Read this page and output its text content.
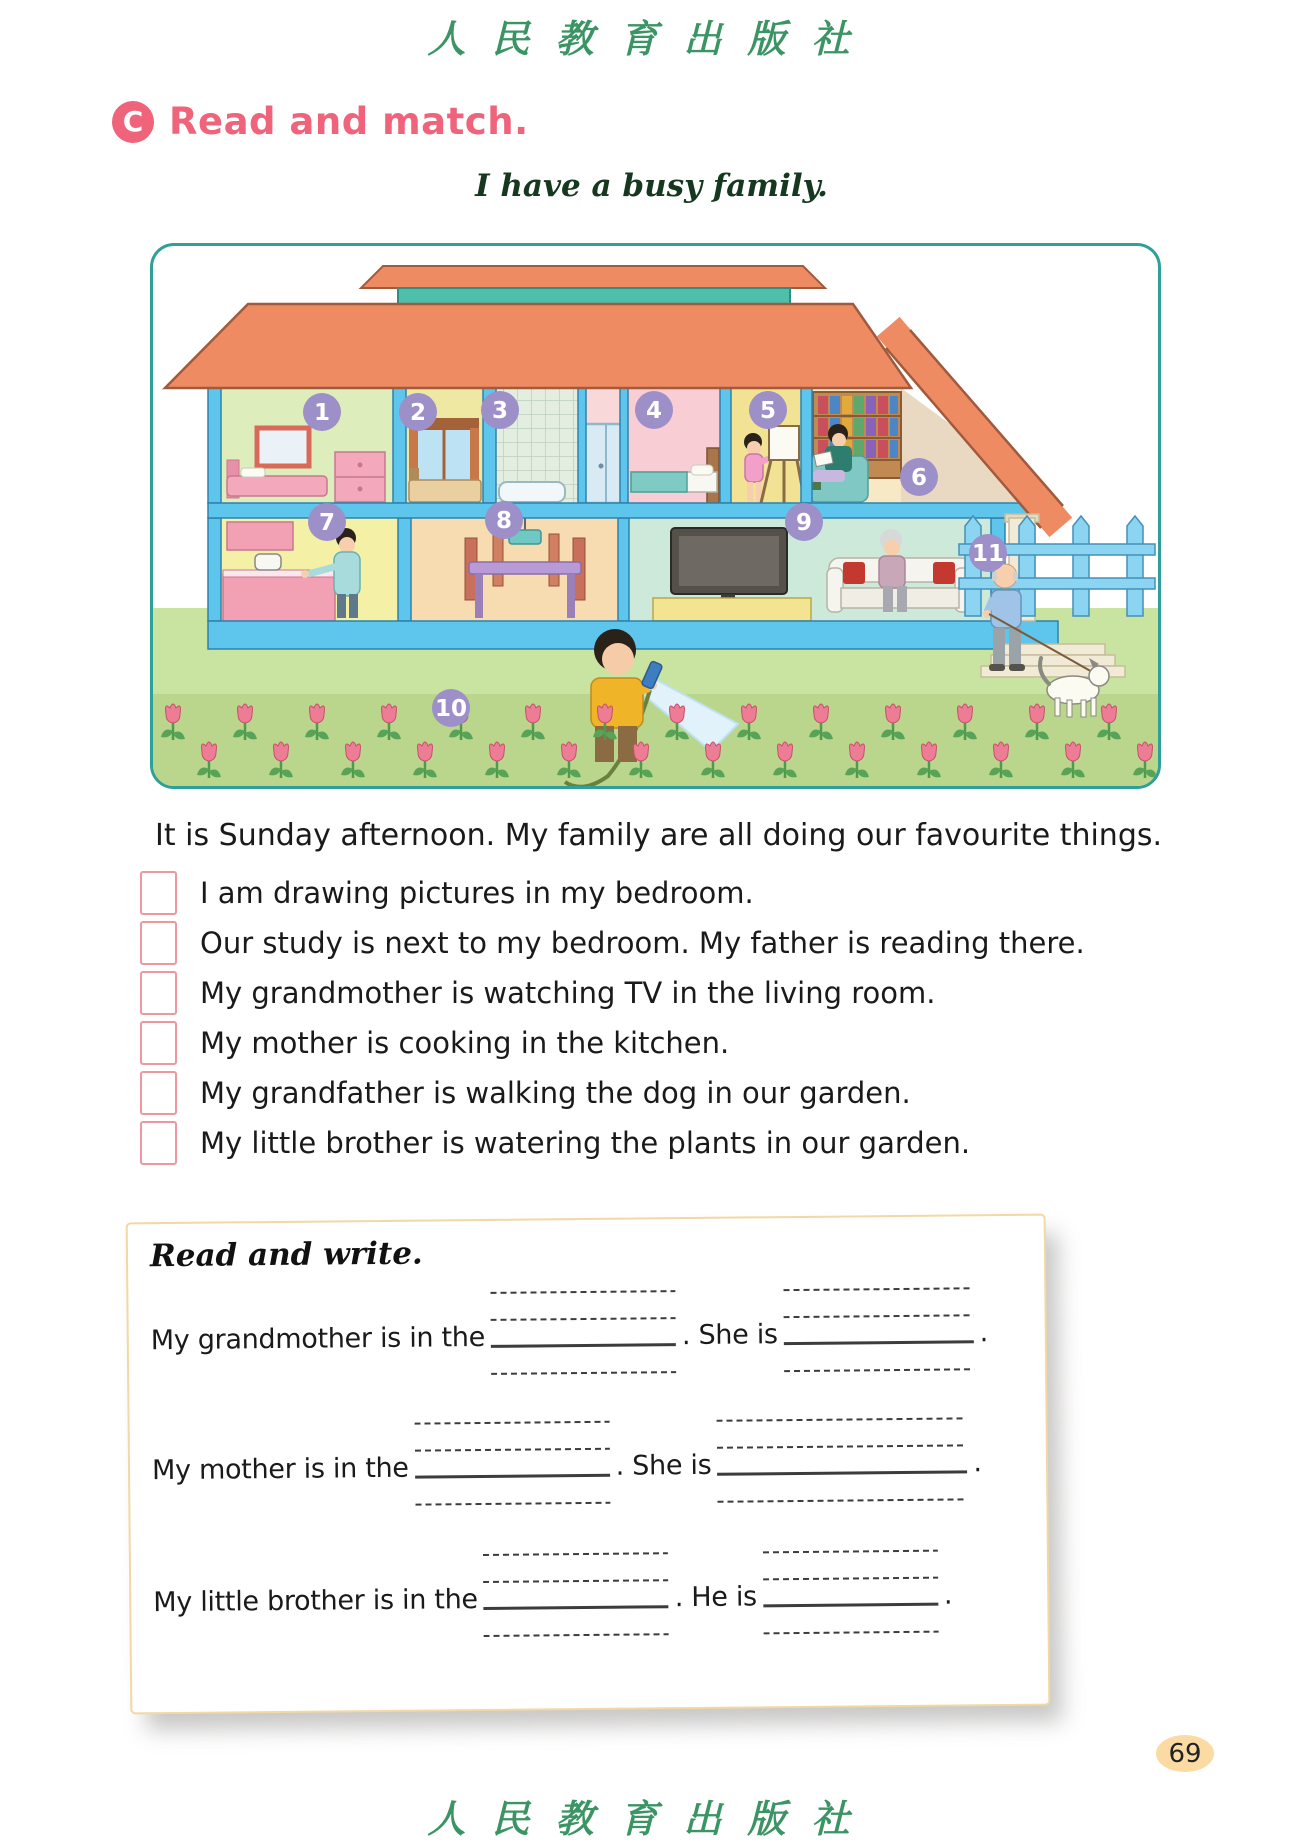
人民教育出版社
C Read and match.
I have a busy family.
1	2	3	4	5
6
7	8	9
10
11
It is Sunday afternoon. My family are all doing our favourite things.
I am drawing pictures in my bedroom.
Our study is next to my bedroom. My father is reading there.
My grandmother is watching TV in the living room.
My mother is cooking in the kitchen.
My grandfather is walking the dog in our garden.
My little brother is watering the plants in our garden.
Read and write.
My grandmother is in the	. She is	.
My mother is in the	. She is	.
My little brother is in the	. He is	.
69
人民教育出版社
